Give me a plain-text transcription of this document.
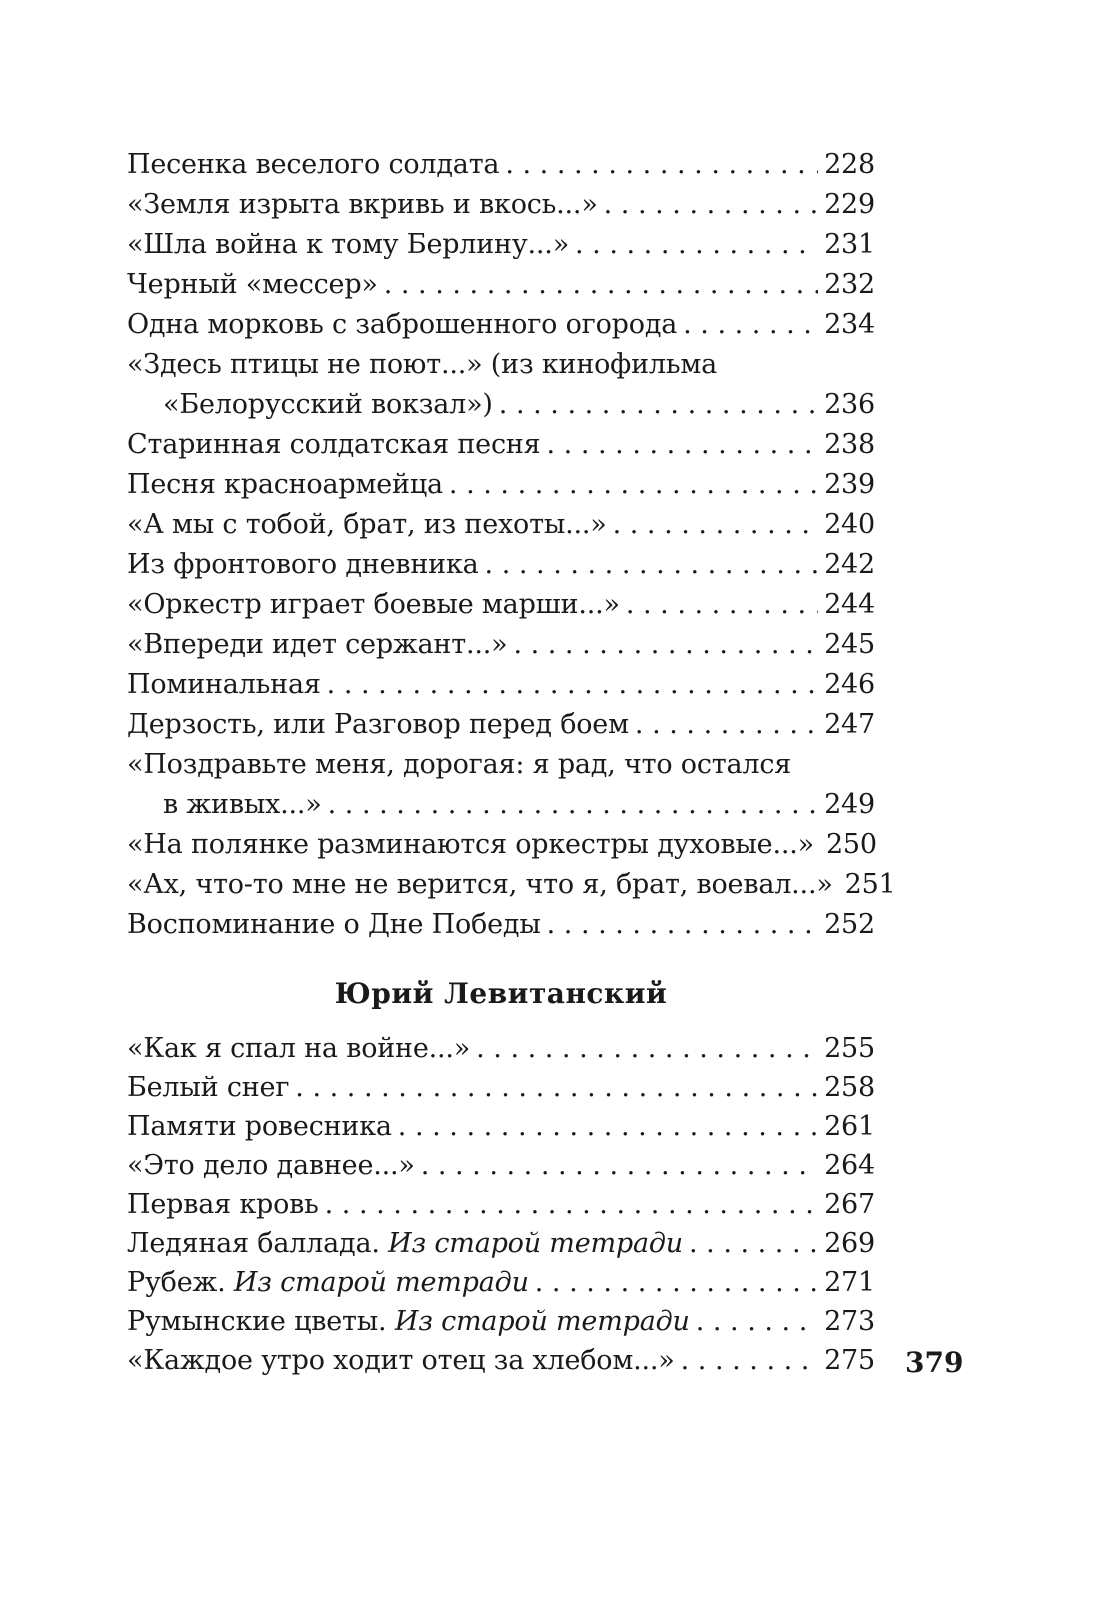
Песенка веселого солдата . . .	228
«Земля изрыта вкривь и вкось...» . . .	229
«Шла война к тому Берлину...» . . .	231
Черный «мессер» . . .	232
Одна морковь с заброшенного огорода . . .	234
«Здесь птицы не поют...» (из кинофильма
«Белорусский вокзал») . . .	236
Старинная солдатская песня . . .	238
Песня красноармейца . . .	239
«А мы с тобой, брат, из пехоты...» . . .	240
Из фронтового дневника . . .	242
«Оркестр играет боевые марши...» . . .	244
«Впереди идет сержант...» . . .	245
Поминальная . . .	246
Дерзость, или Разговор перед боем . . .	247
«Поздравьте меня, дорогая: я рад, что остался
в живых...» . . .	249
«На полянке разминаются оркестры духовые...» 250
«Ах, что-то мне не верится, что я, брат, воевал...» 251
Воспоминание о Дне Победы . . .	252
Юрий Левитанский
«Как я спал на войне...» . . .	255
Белый снег . . .	258
Памяти ровесника . . .	261
«Это дело давнее...» . . .	264
Первая кровь . . .	267
Ледяная баллада. Из старой тетради . . .	269
Рубеж. Из старой тетради . . .	271
Румынские цветы. Из старой тетради . . .	273
«Каждое утро ходит отец за хлебом...» . . .	275 379
